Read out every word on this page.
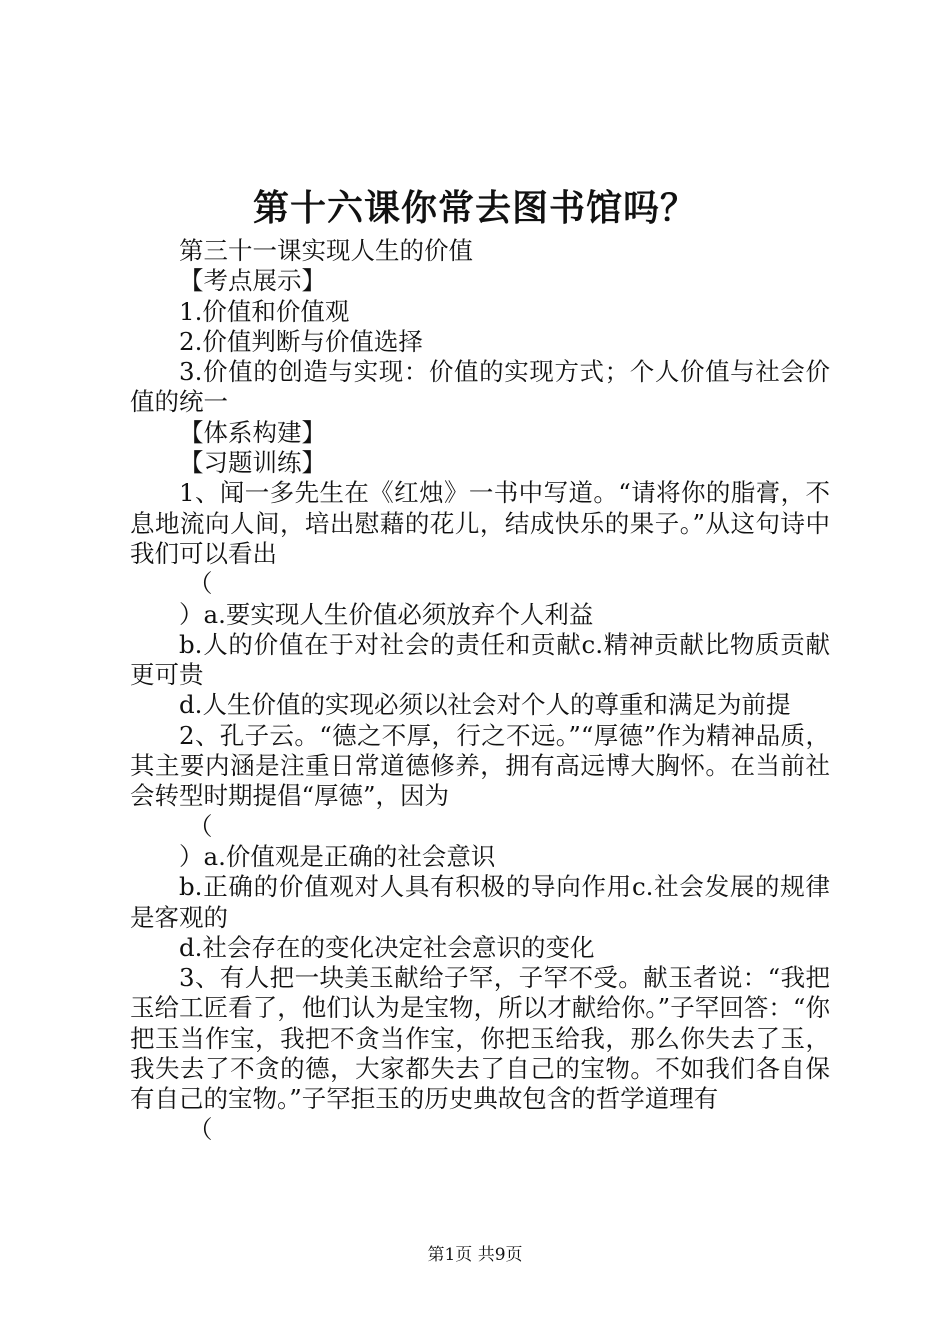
第十六课你常去图书馆吗？

第三十一课实现人生的价值

【考点展示】

1.价值和价值观

2.价值判断与价值选择

3.价值的创造与实现：价值的实现方式；个人价值与社会价值的统一

【体系构建】

【习题训练】

1、闻一多先生在《红烛》一书中写道。“请将你的脂膏，不息地流向人间，培出慰藉的花儿，结成快乐的果子。”从这句诗中我们可以看出

（

）a.要实现人生价值必须放弃个人利益

b.人的价值在于对社会的责任和贡献c.精神贡献比物质贡献更可贵

d.人生价值的实现必须以社会对个人的尊重和满足为前提

2、孔子云。“德之不厚，行之不远。”“厚德”作为精神品质，其主要内涵是注重日常道德修养，拥有高远博大胸怀。在当前社会转型时期提倡“厚德”，因为

（

）a.价值观是正确的社会意识

b.正确的价值观对人具有积极的导向作用c.社会发展的规律是客观的

d.社会存在的变化决定社会意识的变化

3、有人把一块美玉献给子罕，子罕不受。献玉者说：“我把玉给工匠看了，他们认为是宝物，所以才献给你。”子罕回答：“你把玉当作宝，我把不贪当作宝，你把玉给我，那么你失去了玉，我失去了不贪的德，大家都失去了自己的宝物。不如我们各自保有自己的宝物。”子罕拒玉的历史典故包含的哲学道理有

（

第1页 共9页
